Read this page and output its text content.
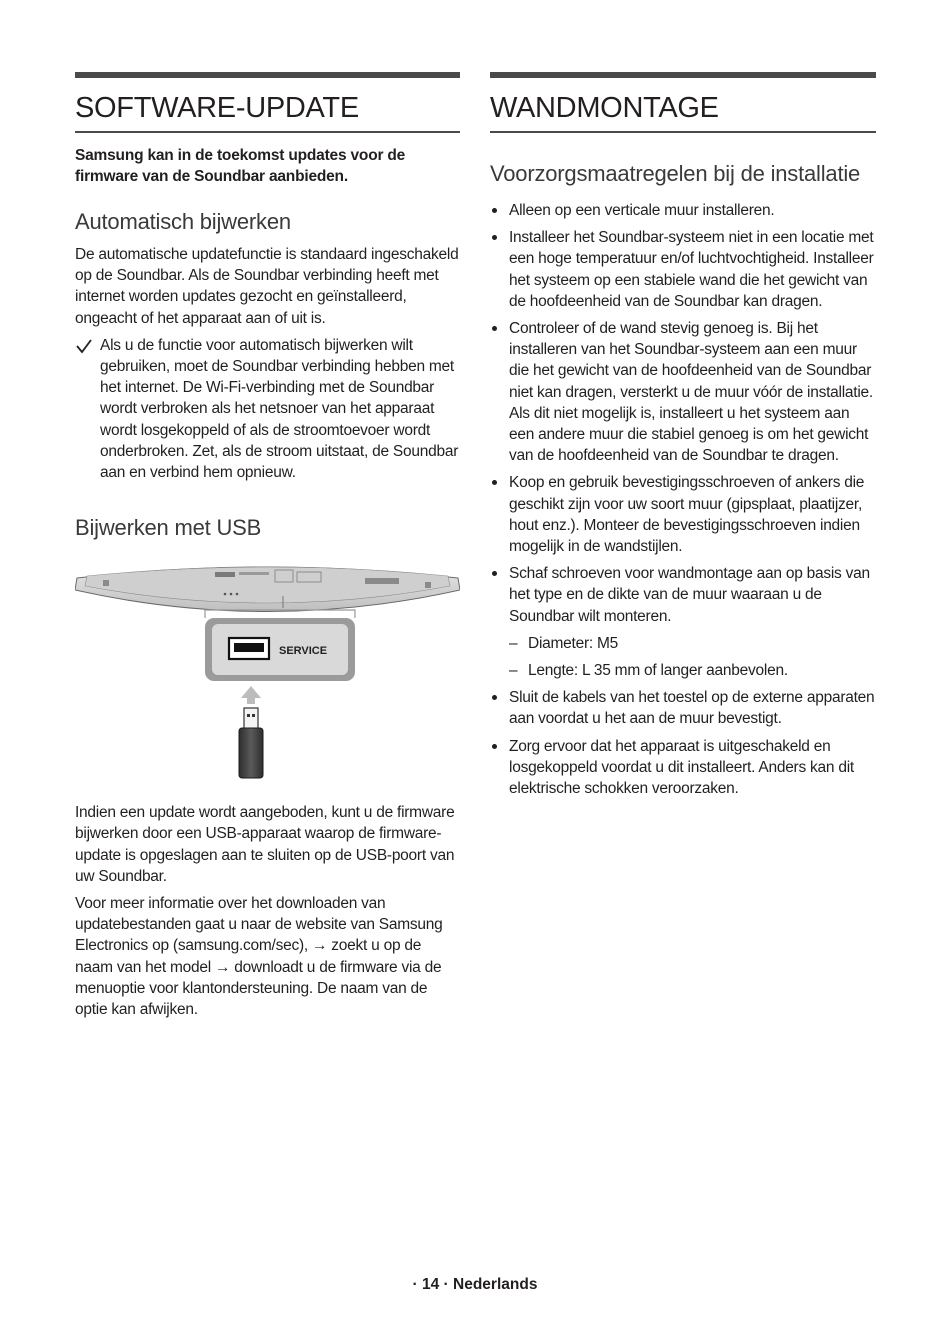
SOFTWARE-UPDATE
Samsung kan in de toekomst updates voor de firmware van de Soundbar aanbieden.
Automatisch bijwerken

De automatische updatefunctie is standaard ingeschakeld op de Soundbar. Als de Soundbar verbinding heeft met internet worden updates gezocht en geïnstalleerd, ongeacht of het apparaat aan of uit is.

Als u de functie voor automatisch bijwerken wilt gebruiken, moet de Soundbar verbinding hebben met het internet. De Wi-Fi-verbinding met de Soundbar wordt verbroken als het netsnoer van het apparaat wordt losgekoppeld of als de stroomtoevoer wordt onderbroken. Zet, als de stroom uitstaat, de Soundbar aan en verbind hem opnieuw.

Bijwerken met USB
SERVICE

Indien een update wordt aangeboden, kunt u de firmware bijwerken door een USB-apparaat waarop de firmware-update is opgeslagen aan te sluiten op de USB-poort van uw Soundbar.

Voor meer informatie over het downloaden van updatebestanden gaat u naar de website van Samsung Electronics op (samsung.com/sec), → zoekt u op de naam van het model → downloadt u de firmware via de menuoptie voor klantondersteuning. De naam van de optie kan afwijken.

WANDMONTAGE
Voorzorgsmaatregelen bij de installatie
Alleen op een verticale muur installeren.
Installeer het Soundbar-systeem niet in een locatie met een hoge temperatuur en/of luchtvochtigheid. Installeer het systeem op een stabiele wand die het gewicht van de hoofdeenheid van de Soundbar kan dragen.
Controleer of de wand stevig genoeg is. Bij het installeren van het Soundbar-systeem aan een muur die het gewicht van de hoofdeenheid van de Soundbar niet kan dragen, versterkt u de muur vóór de installatie. Als dit niet mogelijk is, installeert u het systeem aan een andere muur die stabiel genoeg is om het gewicht van de hoofdeenheid van de Soundbar te dragen.
Koop en gebruik bevestigingsschroeven of ankers die geschikt zijn voor uw soort muur (gipsplaat, plaatijzer, hout enz.). Monteer de bevestigingsschroeven indien mogelijk in de wandstijlen.
Schaf schroeven voor wandmontage aan op basis van het type en de dikte van de muur waaraan u de Soundbar wilt monteren.
– Diameter: M5
– Lengte: L 35 mm of langer aanbevolen.
Sluit de kabels van het toestel op de externe apparaten aan voordat u het aan de muur bevestigt.
Zorg ervoor dat het apparaat is uitgeschakeld en losgekoppeld voordat u dit installeert. Anders kan dit elektrische schokken veroorzaken.
· 14 · Nederlands
